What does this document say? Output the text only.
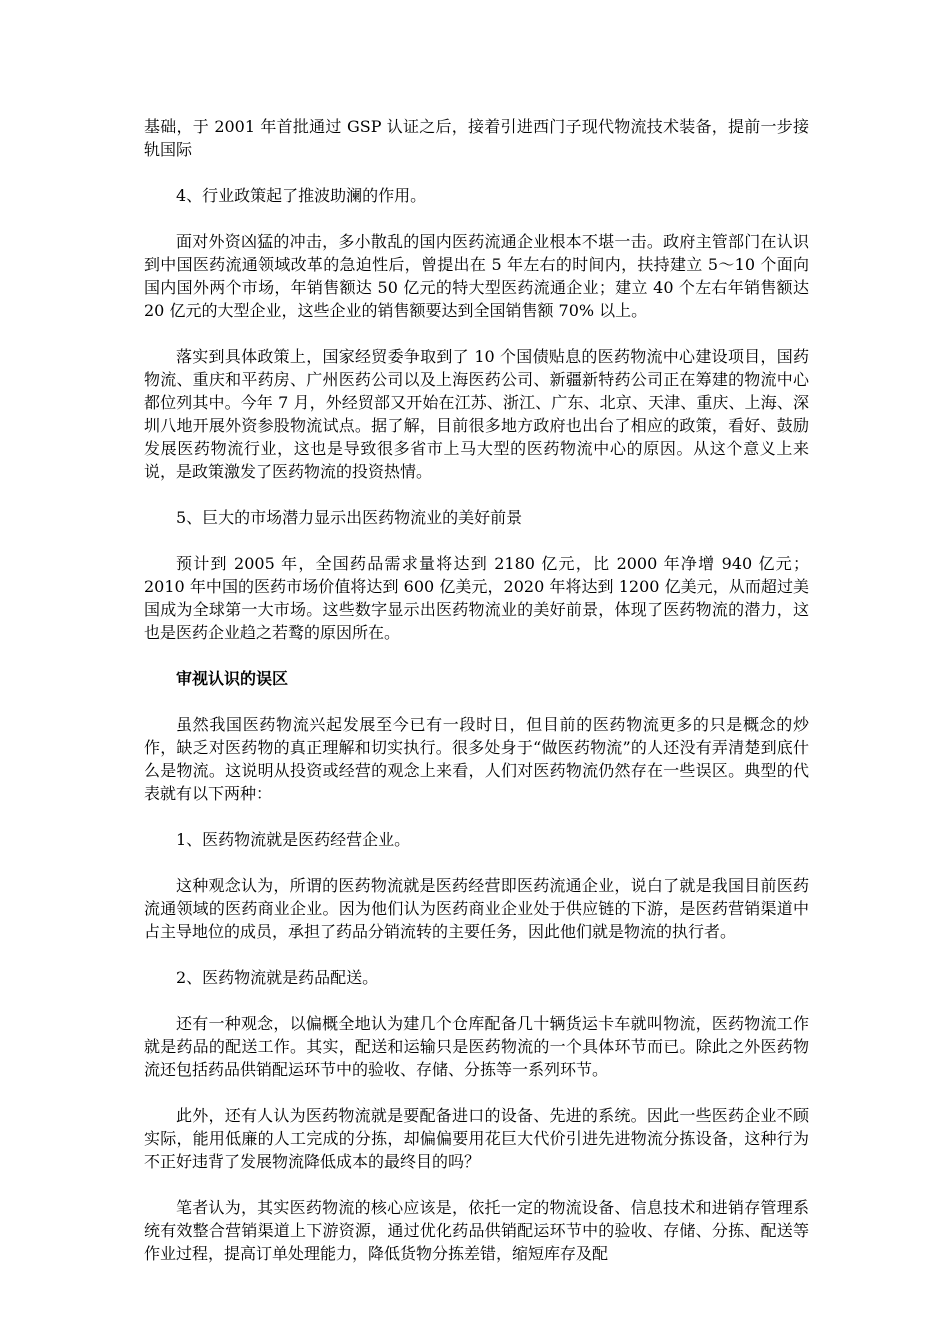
基础，于 2001 年首批通过 GSP 认证之后，接着引进西门子现代物流技术装备，提前一步接轨国际

4、行业政策起了推波助澜的作用。

面对外资凶猛的冲击，多小散乱的国内医药流通企业根本不堪一击。政府主管部门在认识到中国医药流通领域改革的急迫性后，曾提出在 5 年左右的时间内，扶持建立 5～10 个面向国内国外两个市场，年销售额达 50 亿元的特大型医药流通企业；建立 40 个左右年销售额达 20 亿元的大型企业，这些企业的销售额要达到全国销售额 70% 以上。

落实到具体政策上，国家经贸委争取到了 10 个国债贴息的医药物流中心建设项目，国药物流、重庆和平药房、广州医药公司以及上海医药公司、新疆新特药公司正在筹建的物流中心都位列其中。今年 7 月，外经贸部又开始在江苏、浙江、广东、北京、天津、重庆、上海、深圳八地开展外资参股物流试点。据了解，目前很多地方政府也出台了相应的政策，看好、鼓励发展医药物流行业，这也是导致很多省市上马大型的医药物流中心的原因。从这个意义上来说，是政策激发了医药物流的投资热情。

5、巨大的市场潜力显示出医药物流业的美好前景

预计到 2005 年，全国药品需求量将达到 2180 亿元，比 2000 年净增 940 亿元；2010 年中国的医药市场价值将达到 600 亿美元，2020 年将达到 1200 亿美元，从而超过美国成为全球第一大市场。这些数字显示出医药物流业的美好前景，体现了医药物流的潜力，这也是医药企业趋之若鹜的原因所在。

审视认识的误区

虽然我国医药物流兴起发展至今已有一段时日，但目前的医药物流更多的只是概念的炒作，缺乏对医药物的真正理解和切实执行。很多处身于“做医药物流”的人还没有弄清楚到底什么是物流。这说明从投资或经营的观念上来看，人们对医药物流仍然存在一些误区。典型的代表就有以下两种：

1、医药物流就是医药经营企业。

这种观念认为，所谓的医药物流就是医药经营即医药流通企业，说白了就是我国目前医药流通领域的医药商业企业。因为他们认为医药商业企业处于供应链的下游，是医药营销渠道中占主导地位的成员，承担了药品分销流转的主要任务，因此他们就是物流的执行者。

2、医药物流就是药品配送。

还有一种观念，以偏概全地认为建几个仓库配备几十辆货运卡车就叫物流，医药物流工作就是药品的配送工作。其实，配送和运输只是医药物流的一个具体环节而已。除此之外医药物流还包括药品供销配运环节中的验收、存储、分拣等一系列环节。

此外，还有人认为医药物流就是要配备进口的设备、先进的系统。因此一些医药企业不顾实际，能用低廉的人工完成的分拣，却偏偏要用花巨大代价引进先进物流分拣设备，这种行为不正好违背了发展物流降低成本的最终目的吗？

笔者认为，其实医药物流的核心应该是，依托一定的物流设备、信息技术和进销存管理系统有效整合营销渠道上下游资源，通过优化药品供销配运环节中的验收、存储、分拣、配送等作业过程，提高订单处理能力，降低货物分拣差错，缩短库存及配
